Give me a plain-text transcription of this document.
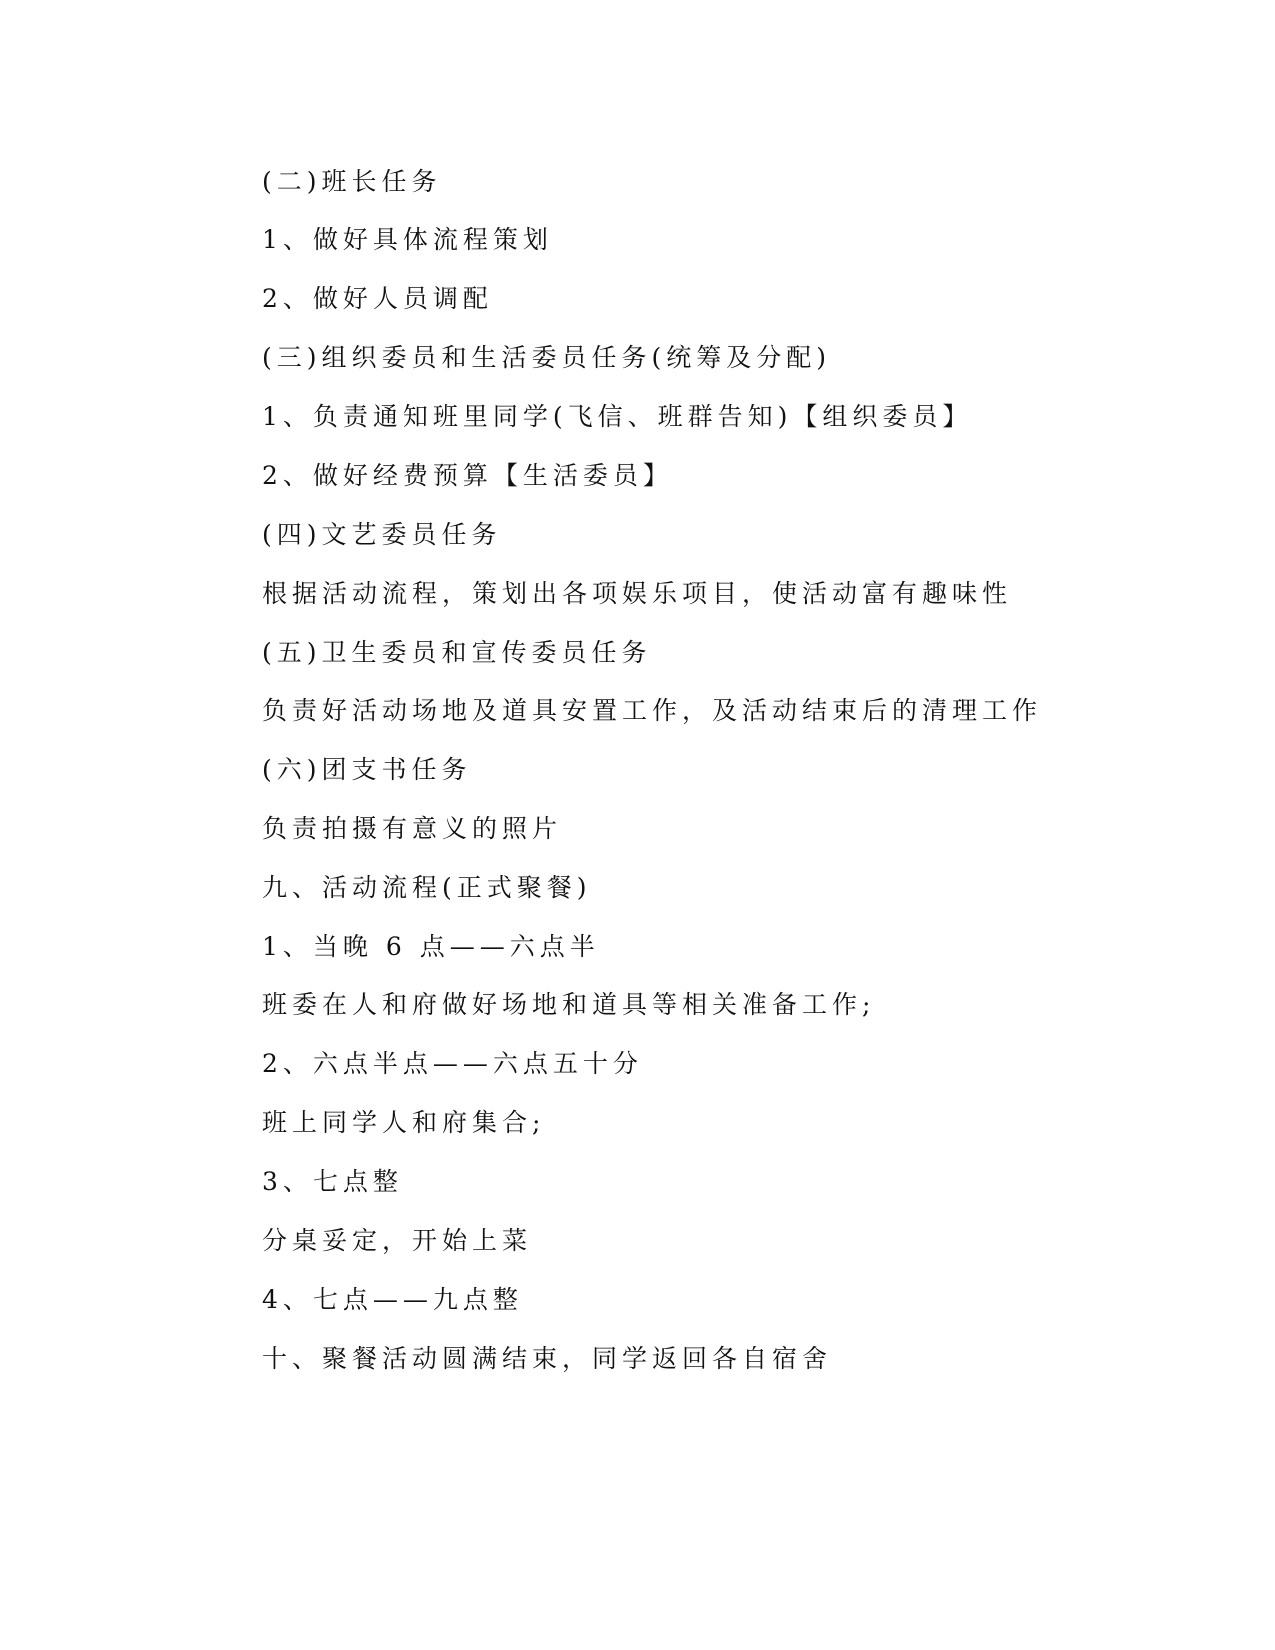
(二)班长任务

1、做好具体流程策划

2、做好人员调配

(三)组织委员和生活委员任务(统筹及分配)

1、负责通知班里同学(飞信、班群告知)【组织委员】

2、做好经费预算【生活委员】

(四)文艺委员任务

根据活动流程，策划出各项娱乐项目，使活动富有趣味性

(五)卫生委员和宣传委员任务

负责好活动场地及道具安置工作，及活动结束后的清理工作

(六)团支书任务

负责拍摄有意义的照片

九、活动流程(正式聚餐)

1、当晚 6 点——六点半

班委在人和府做好场地和道具等相关准备工作;

2、六点半点——六点五十分

班上同学人和府集合;

3、七点整

分桌妥定，开始上菜

4、七点——九点整

十、聚餐活动圆满结束，同学返回各自宿舍
